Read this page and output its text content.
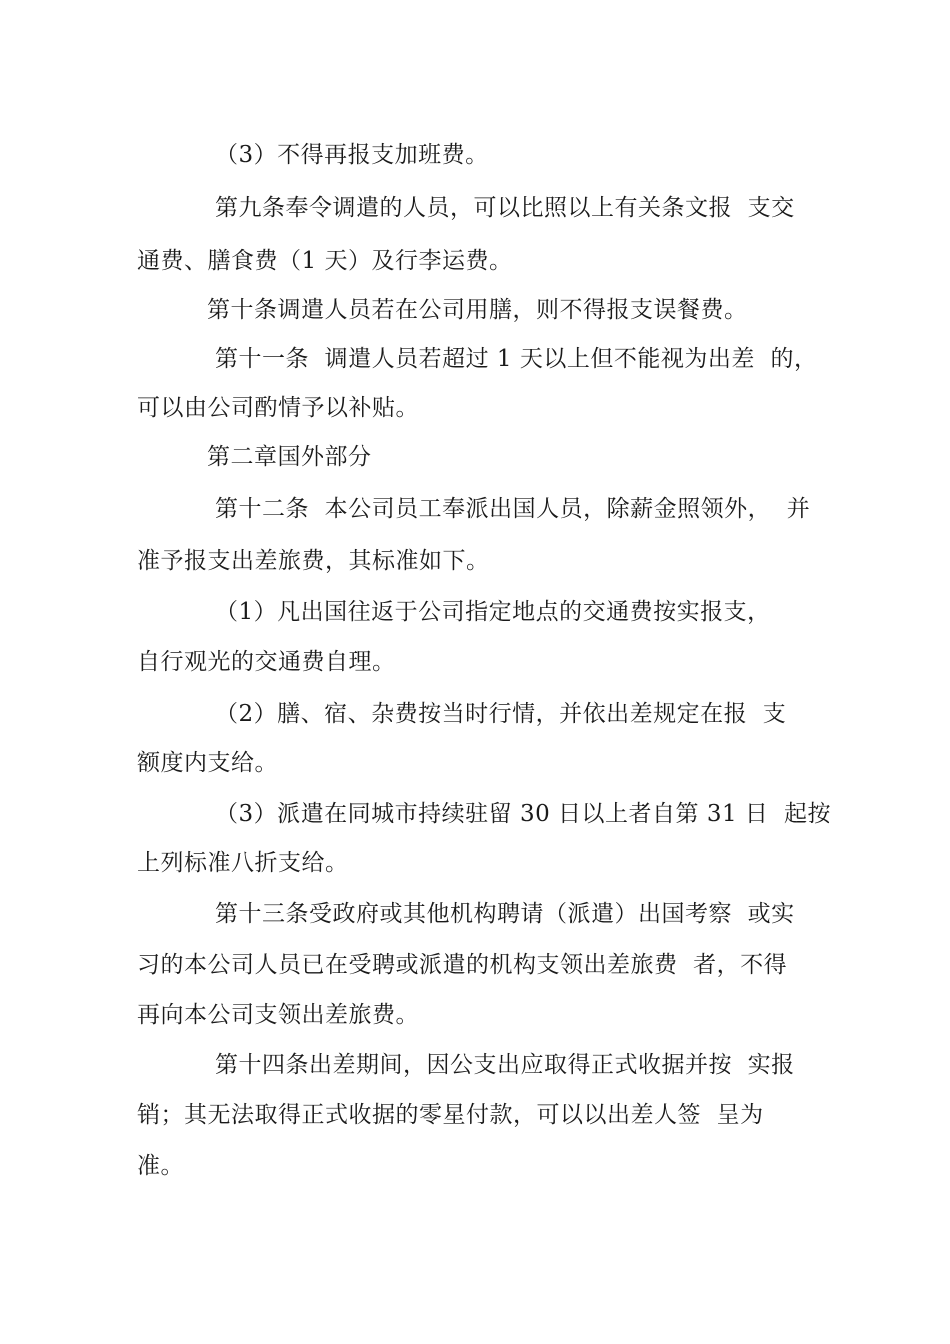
（3）不得再报支加班费。
第九条奉令调遣的人员，可以比照以上有关条文报  支交
通费、膳食费（1 天）及行李运费。
第十条调遣人员若在公司用膳，则不得报支误餐费。
第十一条  调遣人员若超过 1 天以上但不能视为出差  的，
可以由公司酌情予以补贴。
第二章国外部分
第十二条  本公司员工奉派出国人员，除薪金照领外，  并
准予报支出差旅费，其标准如下。
（1）凡出国往返于公司指定地点的交通费按实报支，
自行观光的交通费自理。
（2）膳、宿、杂费按当时行情，并依出差规定在报  支
额度内支给。
（3）派遣在同城市持续驻留 30 日以上者自第 31 日  起按
上列标准八折支给。
第十三条受政府或其他机构聘请（派遣）出国考察  或实
习的本公司人员已在受聘或派遣的机构支领出差旅费  者，不得
再向本公司支领出差旅费。
第十四条出差期间，因公支出应取得正式收据并按  实报
销；其无法取得正式收据的零星付款，可以以出差人签  呈为
准。
